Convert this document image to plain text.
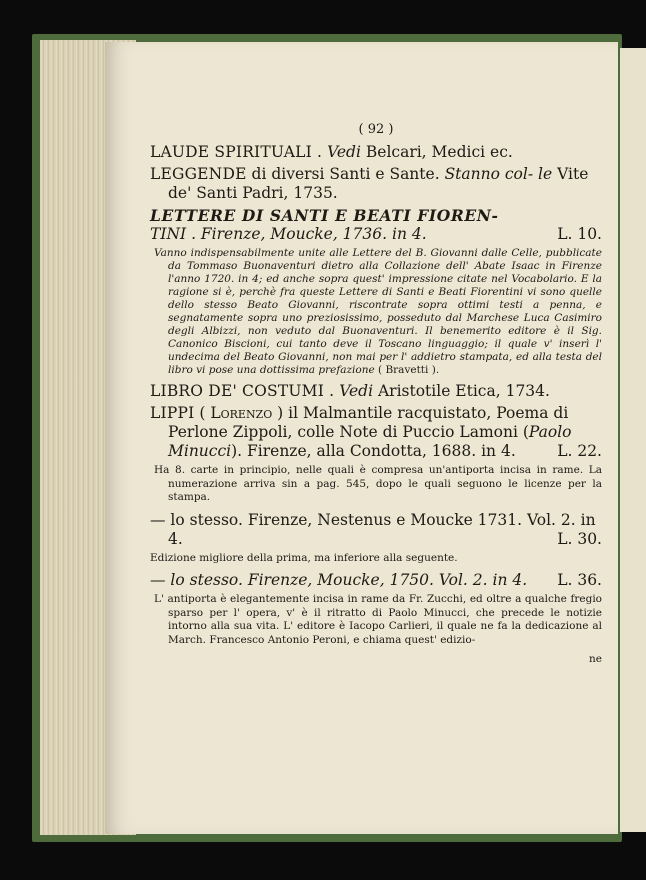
( 92 )
LAUDE SPIRITUALI . Vedi Belcari, Medici ec.
LEGGENDE di diversi Santi e Sante. Stanno col- le Vite de' Santi Padri, 1735.
LETTERE DI SANTI E BEATI FIOREN-
TINI . Firenze, Moucke, 1736. in 4.	L. 10.
Vanno indispensabilmente unite alle Lettere del B. Giovanni dalle Celle, pubblicate da Tommaso Buonaventuri dietro alla Collazione dell' Abate Isaac in Firenze l'anno 1720. in 4; ed anche sopra quest' impressione citate nel Vocabolario. E la ragione si è, perchè fra queste Lettere di Santi e Beati Fiorentini vi sono quelle dello stesso Beato Giovanni, riscontrate sopra ottimi testi a penna, e segnatamente sopra uno preziosissimo, posseduto dal Marchese Luca Casimiro degli Albizzi, non veduto dal Buonaventuri. Il benemerito editore è il Sig. Canonico Biscioni, cui tanto deve il Toscano linguaggio; il quale v' inserì l' undecima del Beato Giovanni, non mai per l' addietro stampata, ed alla testa del libro vi pose una dottissima prefazione ( Bravetti ).
LIBRO DE' COSTUMI . Vedi Aristotile Etica, 1734.
LIPPI ( Lorenzo ) il Malmantile racquistato, Poema di Perlone Zippoli, colle Note di Puccio Lamoni (Paolo Minucci). Firenze, alla Condotta, 1688. in 4.	L. 22.
Ha 8. carte in principio, nelle quali è compresa un'antiporta incisa in rame. La numerazione arriva sin a pag. 545, dopo le quali seguono le licenze per la stampa.
— lo stesso. Firenze, Nestenus e Moucke 1731. Vol. 2. in 4.	L. 30.
Edizione migliore della prima, ma inferiore alla seguente.
— lo stesso. Firenze, Moucke, 1750. Vol. 2. in 4. L. 36.
L' antiporta è elegantemente incisa in rame da Fr. Zucchi, ed oltre a qualche fregio sparso per l' opera, v' è il ritratto di Paolo Minucci, che precede le notizie intorno alla sua vita. L' editore è Iacopo Carlieri, il quale ne fa la dedicazione al March. Francesco Antonio Peroni, e chiama quest' edizio-
ne
